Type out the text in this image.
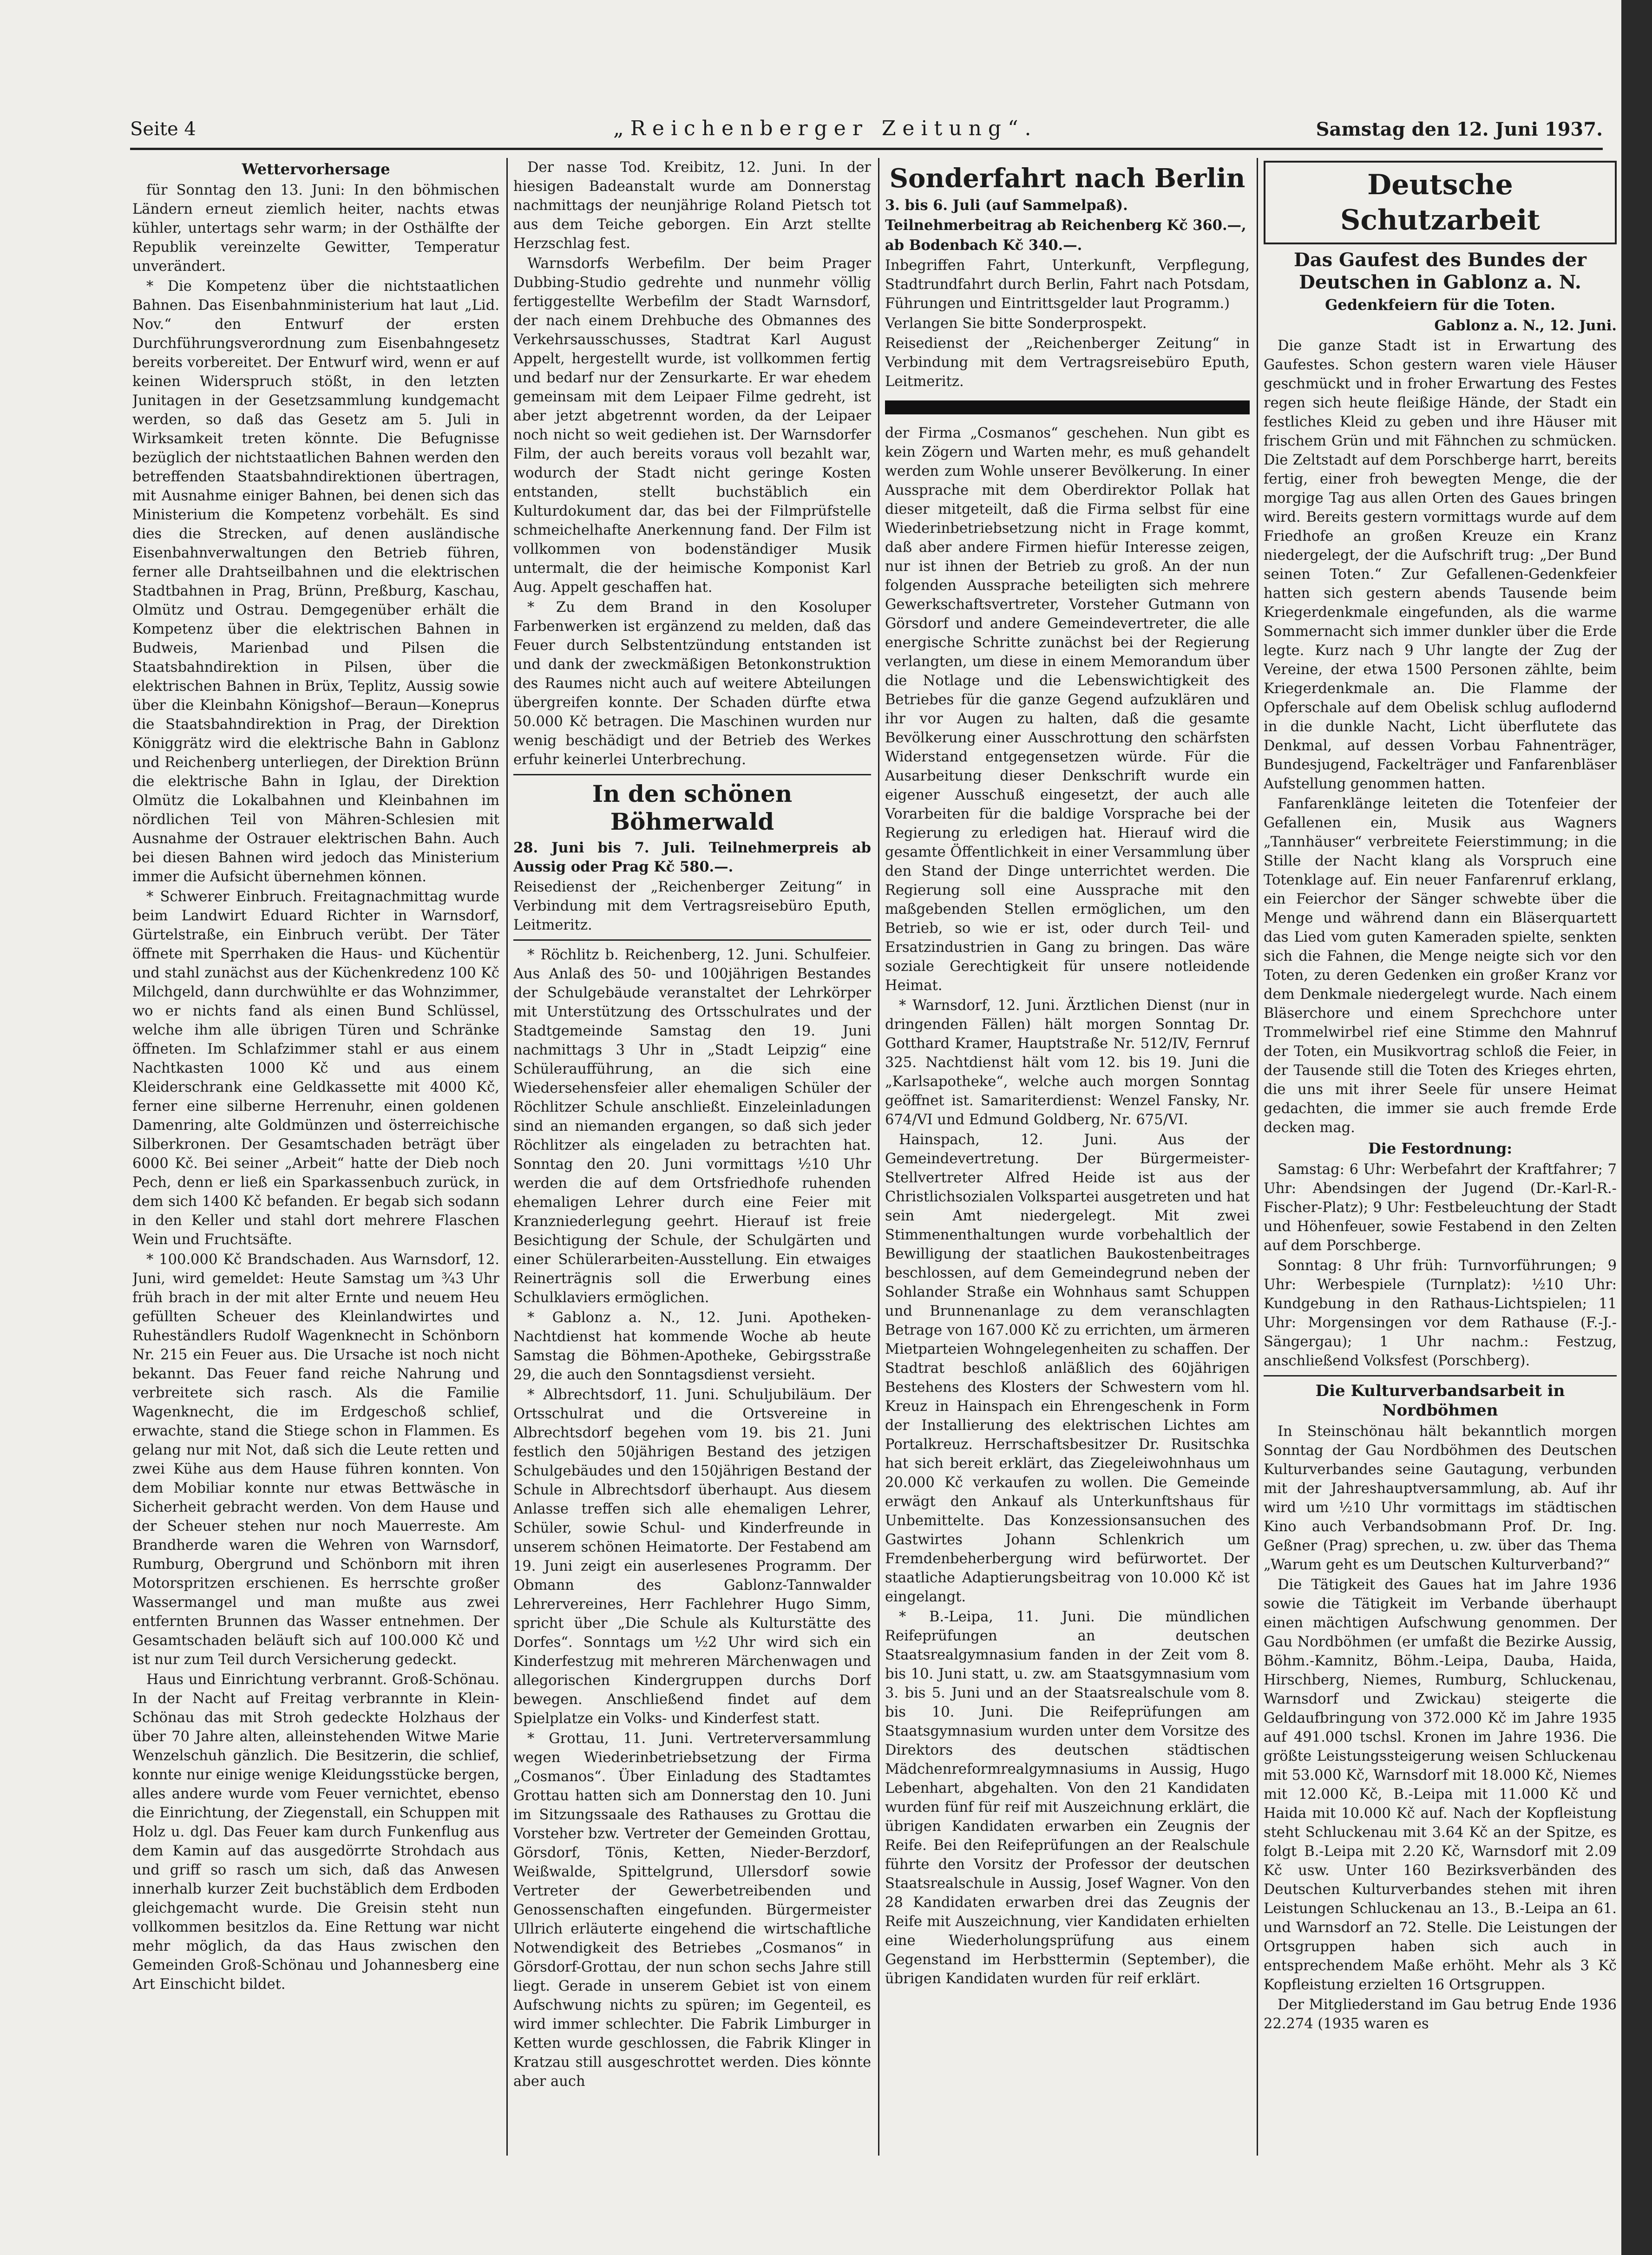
Seite 4	„Reichenberger Zeitung“.	Samstag den 12. Juni 1937.
Wettervorhersage

für Sonntag den 13. Juni: In den böhmischen Ländern erneut ziemlich heiter, nachts etwas kühler, untertags sehr warm; in der Osthälfte der Republik vereinzelte Gewitter, Temperatur unverändert.

* Die Kompetenz über die nichtstaatlichen Bahnen. Das Eisenbahnministerium hat laut „Lid. Nov.“ den Entwurf der ersten Durchführungsverordnung zum Eisenbahngesetz bereits vorbereitet. Der Entwurf wird, wenn er auf keinen Widerspruch stößt, in den letzten Junitagen in der Gesetzsammlung kundgemacht werden, so daß das Gesetz am 5. Juli in Wirksamkeit treten könnte. Die Befugnisse bezüglich der nichtstaatlichen Bahnen werden den betreffenden Staatsbahndirektionen übertragen, mit Ausnahme einiger Bahnen, bei denen sich das Ministerium die Kompetenz vorbehält. Es sind dies die Strecken, auf denen ausländische Eisenbahnverwaltungen den Betrieb führen, ferner alle Drahtseilbahnen und die elektrischen Stadtbahnen in Prag, Brünn, Preßburg, Kaschau, Olmütz und Ostrau. Demgegenüber erhält die Kompetenz über die elektrischen Bahnen in Budweis, Marienbad und Pilsen die Staatsbahndirektion in Pilsen, über die elektrischen Bahnen in Brüx, Teplitz, Aussig sowie über die Kleinbahn Königshof—Beraun—Koneprus die Staatsbahndirektion in Prag, der Direktion Königgrätz wird die elektrische Bahn in Gablonz und Reichenberg unterliegen, der Direktion Brünn die elektrische Bahn in Iglau, der Direktion Olmütz die Lokalbahnen und Kleinbahnen im nördlichen Teil von Mähren-Schlesien mit Ausnahme der Ostrauer elektrischen Bahn. Auch bei diesen Bahnen wird jedoch das Ministerium immer die Aufsicht übernehmen können.

* Schwerer Einbruch. Freitagnachmittag wurde beim Landwirt Eduard Richter in Warnsdorf, Gürtelstraße, ein Einbruch verübt. Der Täter öffnete mit Sperrhaken die Haus- und Küchentür und stahl zunächst aus der Küchenkredenz 100 Kč Milchgeld, dann durchwühlte er das Wohnzimmer, wo er nichts fand als einen Bund Schlüssel, welche ihm alle übrigen Türen und Schränke öffneten. Im Schlafzimmer stahl er aus einem Nachtkasten 1000 Kč und aus einem Kleiderschrank eine Geldkassette mit 4000 Kč, ferner eine silberne Herrenuhr, einen goldenen Damenring, alte Goldmünzen und österreichische Silberkronen. Der Gesamtschaden beträgt über 6000 Kč. Bei seiner „Arbeit“ hatte der Dieb noch Pech, denn er ließ ein Sparkassenbuch zurück, in dem sich 1400 Kč befanden. Er begab sich sodann in den Keller und stahl dort mehrere Flaschen Wein und Fruchtsäfte.

* 100.000 Kč Brandschaden. Aus Warnsdorf, 12. Juni, wird gemeldet: Heute Samstag um ¾3 Uhr früh brach in der mit alter Ernte und neuem Heu gefüllten Scheuer des Kleinlandwirtes und Ruheständlers Rudolf Wagenknecht in Schönborn Nr. 215 ein Feuer aus. Die Ursache ist noch nicht bekannt. Das Feuer fand reiche Nahrung und verbreitete sich rasch. Als die Familie Wagenknecht, die im Erdgeschoß schlief, erwachte, stand die Stiege schon in Flammen. Es gelang nur mit Not, daß sich die Leute retten und zwei Kühe aus dem Hause führen konnten. Von dem Mobiliar konnte nur etwas Bettwäsche in Sicherheit gebracht werden. Von dem Hause und der Scheuer stehen nur noch Mauerreste. Am Brandherde waren die Wehren von Warnsdorf, Rumburg, Obergrund und Schönborn mit ihren Motorspritzen erschienen. Es herrschte großer Wassermangel und man mußte aus zwei entfernten Brunnen das Wasser entnehmen. Der Gesamtschaden beläuft sich auf 100.000 Kč und ist nur zum Teil durch Versicherung gedeckt.

Haus und Einrichtung verbrannt. Groß-Schönau. In der Nacht auf Freitag verbrannte in Klein-Schönau das mit Stroh gedeckte Holzhaus der über 70 Jahre alten, alleinstehenden Witwe Marie Wenzelschuh gänzlich. Die Besitzerin, die schlief, konnte nur einige wenige Kleidungsstücke bergen, alles andere wurde vom Feuer vernichtet, ebenso die Einrichtung, der Ziegenstall, ein Schuppen mit Holz u. dgl. Das Feuer kam durch Funkenflug aus dem Kamin auf das ausgedörrte Strohdach aus und griff so rasch um sich, daß das Anwesen innerhalb kurzer Zeit buchstäblich dem Erdboden gleichgemacht wurde. Die Greisin steht nun vollkommen besitzlos da. Eine Rettung war nicht mehr möglich, da das Haus zwischen den Gemeinden Groß-Schönau und Johannesberg eine Art Einschicht bildet.

Der nasse Tod. Kreibitz, 12. Juni. In der hiesigen Badeanstalt wurde am Donnerstag nachmittags der neunjährige Roland Pietsch tot aus dem Teiche geborgen. Ein Arzt stellte Herzschlag fest.

Warnsdorfs Werbefilm. Der beim Prager Dubbing-Studio gedrehte und nunmehr völlig fertiggestellte Werbefilm der Stadt Warnsdorf, der nach einem Drehbuche des Obmannes des Verkehrsausschusses, Stadtrat Karl August Appelt, hergestellt wurde, ist vollkommen fertig und bedarf nur der Zensurkarte. Er war ehedem gemeinsam mit dem Leipaer Filme gedreht, ist aber jetzt abgetrennt worden, da der Leipaer noch nicht so weit gediehen ist. Der Warnsdorfer Film, der auch bereits voraus voll bezahlt war, wodurch der Stadt nicht geringe Kosten entstanden, stellt buchstäblich ein Kulturdokument dar, das bei der Filmprüfstelle schmeichelhafte Anerkennung fand. Der Film ist vollkommen von bodenständiger Musik untermalt, die der heimische Komponist Karl Aug. Appelt geschaffen hat.

* Zu dem Brand in den Kosoluper Farbenwerken ist ergänzend zu melden, daß das Feuer durch Selbstentzündung entstanden ist und dank der zweckmäßigen Betonkonstruktion des Raumes nicht auch auf weitere Abteilungen übergreifen konnte. Der Schaden dürfte etwa 50.000 Kč betragen. Die Maschinen wurden nur wenig beschädigt und der Betrieb des Werkes erfuhr keinerlei Unterbrechung.

In den schönen Böhmerwald

28. Juni bis 7. Juli. Teilnehmerpreis ab Aussig oder Prag Kč 580.—.

Reisedienst der „Reichenberger Zeitung“ in Verbindung mit dem Vertragsreisebüro Eputh, Leitmeritz.

* Röchlitz b. Reichenberg, 12. Juni. Schulfeier. Aus Anlaß des 50- und 100jährigen Bestandes der Schulgebäude veranstaltet der Lehrkörper mit Unterstützung des Ortsschulrates und der Stadtgemeinde Samstag den 19. Juni nachmittags 3 Uhr in „Stadt Leipzig“ eine Schüleraufführung, an die sich eine Wiedersehensfeier aller ehemaligen Schüler der Röchlitzer Schule anschließt. Einzeleinladungen sind an niemanden ergangen, so daß sich jeder Röchlitzer als eingeladen zu betrachten hat. Sonntag den 20. Juni vormittags ½10 Uhr werden die auf dem Ortsfriedhofe ruhenden ehemaligen Lehrer durch eine Feier mit Kranzniederlegung geehrt. Hierauf ist freie Besichtigung der Schule, der Schulgärten und einer Schülerarbeiten-Ausstellung. Ein etwaiges Reinerträgnis soll die Erwerbung eines Schulklaviers ermöglichen.

* Gablonz a. N., 12. Juni. Apotheken-Nachtdienst hat kommende Woche ab heute Samstag die Böhmen-Apotheke, Gebirgsstraße 29, die auch den Sonntagsdienst versieht.

* Albrechtsdorf, 11. Juni. Schuljubiläum. Der Ortsschulrat und die Ortsvereine in Albrechtsdorf begehen vom 19. bis 21. Juni festlich den 50jährigen Bestand des jetzigen Schulgebäudes und den 150jährigen Bestand der Schule in Albrechtsdorf überhaupt. Aus diesem Anlasse treffen sich alle ehemaligen Lehrer, Schüler, sowie Schul- und Kinderfreunde in unserem schönen Heimatorte. Der Festabend am 19. Juni zeigt ein auserlesenes Programm. Der Obmann des Gablonz-Tannwalder Lehrervereines, Herr Fachlehrer Hugo Simm, spricht über „Die Schule als Kulturstätte des Dorfes“. Sonntags um ½2 Uhr wird sich ein Kinderfestzug mit mehreren Märchenwagen und allegorischen Kindergruppen durchs Dorf bewegen. Anschließend findet auf dem Spielplatze ein Volks- und Kinderfest statt.

* Grottau, 11. Juni. Vertreterversammlung wegen Wiederinbetriebsetzung der Firma „Cosmanos“. Über Einladung des Stadtamtes Grottau hatten sich am Donnerstag den 10. Juni im Sitzungssaale des Rathauses zu Grottau die Vorsteher bzw. Vertreter der Gemeinden Grottau, Görsdorf, Tönis, Ketten, Nieder-Berzdorf, Weißwalde, Spittelgrund, Ullersdorf sowie Vertreter der Gewerbetreibenden und Genossenschaften eingefunden. Bürgermeister Ullrich erläuterte eingehend die wirtschaftliche Notwendigkeit des Betriebes „Cosmanos“ in Görsdorf-Grottau, der nun schon sechs Jahre still liegt. Gerade in unserem Gebiet ist von einem Aufschwung nichts zu spüren; im Gegenteil, es wird immer schlechter. Die Fabrik Limburger in Ketten wurde geschlossen, die Fabrik Klinger in Kratzau still ausgeschrottet werden. Dies könnte aber auch

Sonderfahrt nach Berlin

3. bis 6. Juli (auf Sammelpaß).

Teilnehmerbeitrag ab Reichenberg Kč 360.—,

ab Bodenbach Kč 340.—.

Inbegriffen Fahrt, Unterkunft, Verpflegung, Stadtrundfahrt durch Berlin, Fahrt nach Potsdam, Führungen und Eintrittsgelder laut Programm.)

Verlangen Sie bitte Sonderprospekt.

Reisedienst der „Reichenberger Zeitung“ in Verbindung mit dem Vertragsreisebüro Eputh, Leitmeritz.

der Firma „Cosmanos“ geschehen. Nun gibt es kein Zögern und Warten mehr, es muß gehandelt werden zum Wohle unserer Bevölkerung. In einer Aussprache mit dem Oberdirektor Pollak hat dieser mitgeteilt, daß die Firma selbst für eine Wiederinbetriebsetzung nicht in Frage kommt, daß aber andere Firmen hiefür Interesse zeigen, nur ist ihnen der Betrieb zu groß. An der nun folgenden Aussprache beteiligten sich mehrere Gewerkschaftsvertreter, Vorsteher Gutmann von Görsdorf und andere Gemeindevertreter, die alle energische Schritte zunächst bei der Regierung verlangten, um diese in einem Memorandum über die Notlage und die Lebenswichtigkeit des Betriebes für die ganze Gegend aufzuklären und ihr vor Augen zu halten, daß die gesamte Bevölkerung einer Ausschrottung den schärfsten Widerstand entgegensetzen würde. Für die Ausarbeitung dieser Denkschrift wurde ein eigener Ausschuß eingesetzt, der auch alle Vorarbeiten für die baldige Vorsprache bei der Regierung zu erledigen hat. Hierauf wird die gesamte Öffentlichkeit in einer Versammlung über den Stand der Dinge unterrichtet werden. Die Regierung soll eine Aussprache mit den maßgebenden Stellen ermöglichen, um den Betrieb, so wie er ist, oder durch Teil- und Ersatzindustrien in Gang zu bringen. Das wäre soziale Gerechtigkeit für unsere notleidende Heimat.

* Warnsdorf, 12. Juni. Ärztlichen Dienst (nur in dringenden Fällen) hält morgen Sonntag Dr. Gotthard Kramer, Hauptstraße Nr. 512/IV, Fernruf 325. Nachtdienst hält vom 12. bis 19. Juni die „Karlsapotheke“, welche auch morgen Sonntag geöffnet ist. Samariterdienst: Wenzel Fansky, Nr. 674/VI und Edmund Goldberg, Nr. 675/VI.

Hainspach, 12. Juni. Aus der Gemeindevertretung. Der Bürgermeister-Stellvertreter Alfred Heide ist aus der Christlichsozialen Volkspartei ausgetreten und hat sein Amt niedergelegt. Mit zwei Stimmenenthaltungen wurde vorbehaltlich der Bewilligung der staatlichen Baukostenbeitrages beschlossen, auf dem Gemeindegrund neben der Sohlander Straße ein Wohnhaus samt Schuppen und Brunnenanlage zu dem veranschlagten Betrage von 167.000 Kč zu errichten, um ärmeren Mietparteien Wohngelegenheiten zu schaffen. Der Stadtrat beschloß anläßlich des 60jährigen Bestehens des Klosters der Schwestern vom hl. Kreuz in Hainspach ein Ehrengeschenk in Form der Installierung des elektrischen Lichtes am Portalkreuz. Herrschaftsbesitzer Dr. Rusitschka hat sich bereit erklärt, das Ziegeleiwohnhaus um 20.000 Kč verkaufen zu wollen. Die Gemeinde erwägt den Ankauf als Unterkunftshaus für Unbemittelte. Das Konzessionsansuchen des Gastwirtes Johann Schlenkrich um Fremdenbeherbergung wird befürwortet. Der staatliche Adaptierungsbeitrag von 10.000 Kč ist eingelangt.

* B.-Leipa, 11. Juni. Die mündlichen Reifeprüfungen an deutschen Staatsrealgymnasium fanden in der Zeit vom 8. bis 10. Juni statt, u. zw. am Staatsgymnasium vom 3. bis 5. Juni und an der Staatsrealschule vom 8. bis 10. Juni. Die Reifeprüfungen am Staatsgymnasium wurden unter dem Vorsitze des Direktors des deutschen städtischen Mädchenreformrealgymnasiums in Aussig, Hugo Lebenhart, abgehalten. Von den 21 Kandidaten wurden fünf für reif mit Auszeichnung erklärt, die übrigen Kandidaten erwarben ein Zeugnis der Reife. Bei den Reifeprüfungen an der Realschule führte den Vorsitz der Professor der deutschen Staatsrealschule in Aussig, Josef Wagner. Von den 28 Kandidaten erwarben drei das Zeugnis der Reife mit Auszeichnung, vier Kandidaten erhielten eine Wiederholungsprüfung aus einem Gegenstand im Herbsttermin (September), die übrigen Kandidaten wurden für reif erklärt.

Deutsche Schutzarbeit

Das Gaufest des Bundes der Deutschen in Gablonz a. N.
Gedenkfeiern für die Toten.

Gablonz a. N., 12. Juni.

Die ganze Stadt ist in Erwartung des Gaufestes. Schon gestern waren viele Häuser geschmückt und in froher Erwartung des Festes regen sich heute fleißige Hände, der Stadt ein festliches Kleid zu geben und ihre Häuser mit frischem Grün und mit Fähnchen zu schmücken. Die Zeltstadt auf dem Porschberge harrt, bereits fertig, einer froh bewegten Menge, die der morgige Tag aus allen Orten des Gaues bringen wird. Bereits gestern vormittags wurde auf dem Friedhofe an großen Kreuze ein Kranz niedergelegt, der die Aufschrift trug: „Der Bund seinen Toten.“ Zur Gefallenen-Gedenkfeier hatten sich gestern abends Tausende beim Kriegerdenkmale eingefunden, als die warme Sommernacht sich immer dunkler über die Erde legte. Kurz nach 9 Uhr langte der Zug der Vereine, der etwa 1500 Personen zählte, beim Kriegerdenkmale an. Die Flamme der Opferschale auf dem Obelisk schlug auflodernd in die dunkle Nacht, Licht überflutete das Denkmal, auf dessen Vorbau Fahnenträger, Bundesjugend, Fackelträger und Fanfarenbläser Aufstellung genommen hatten.

Fanfarenklänge leiteten die Totenfeier der Gefallenen ein, Musik aus Wagners „Tannhäuser“ verbreitete Feierstimmung; in die Stille der Nacht klang als Vorspruch eine Totenklage auf. Ein neuer Fanfarenruf erklang, ein Feierchor der Sänger schwebte über die Menge und während dann ein Bläserquartett das Lied vom guten Kameraden spielte, senkten sich die Fahnen, die Menge neigte sich vor den Toten, zu deren Gedenken ein großer Kranz vor dem Denkmale niedergelegt wurde. Nach einem Bläserchore und einem Sprechchore unter Trommelwirbel rief eine Stimme den Mahnruf der Toten, ein Musikvortrag schloß die Feier, in der Tausende still die Toten des Krieges ehrten, die uns mit ihrer Seele für unsere Heimat gedachten, die immer sie auch fremde Erde decken mag.

Die Festordnung:

Samstag: 6 Uhr: Werbefahrt der Kraftfahrer; 7 Uhr: Abendsingen der Jugend (Dr.-Karl-R.-Fischer-Platz); 9 Uhr: Festbeleuchtung der Stadt und Höhenfeuer, sowie Festabend in den Zelten auf dem Porschberge.

Sonntag: 8 Uhr früh: Turnvorführungen; 9 Uhr: Werbespiele (Turnplatz): ½10 Uhr: Kundgebung in den Rathaus-Lichtspielen; 11 Uhr: Morgensingen vor dem Rathause (F.-J.-Sängergau); 1 Uhr nachm.: Festzug, anschließend Volksfest (Porschberg).

Die Kulturverbandsarbeit in Nordböhmen

In Steinschönau hält bekanntlich morgen Sonntag der Gau Nordböhmen des Deutschen Kulturverbandes seine Gautagung, verbunden mit der Jahreshauptversammlung, ab. Auf ihr wird um ½10 Uhr vormittags im städtischen Kino auch Verbandsobmann Prof. Dr. Ing. Geßner (Prag) sprechen, u. zw. über das Thema „Warum geht es um Deutschen Kulturverband?“

Die Tätigkeit des Gaues hat im Jahre 1936 sowie die Tätigkeit im Verbande überhaupt einen mächtigen Aufschwung genommen. Der Gau Nordböhmen (er umfaßt die Bezirke Aussig, Böhm.-Kamnitz, Böhm.-Leipa, Dauba, Haida, Hirschberg, Niemes, Rumburg, Schluckenau, Warnsdorf und Zwickau) steigerte die Geldaufbringung von 372.000 Kč im Jahre 1935 auf 491.000 tschsl. Kronen im Jahre 1936. Die größte Leistungssteigerung weisen Schluckenau mit 53.000 Kč, Warnsdorf mit 18.000 Kč, Niemes mit 12.000 Kč, B.-Leipa mit 11.000 Kč und Haida mit 10.000 Kč auf. Nach der Kopfleistung steht Schluckenau mit 3.64 Kč an der Spitze, es folgt B.-Leipa mit 2.20 Kč, Warnsdorf mit 2.09 Kč usw. Unter 160 Bezirksverbänden des Deutschen Kulturverbandes stehen mit ihren Leistungen Schluckenau an 13., B.-Leipa an 61. und Warnsdorf an 72. Stelle. Die Leistungen der Ortsgruppen haben sich auch in entsprechendem Maße erhöht. Mehr als 3 Kč Kopfleistung erzielten 16 Ortsgruppen.

Der Mitgliederstand im Gau betrug Ende 1936 22.274 (1935 waren es
